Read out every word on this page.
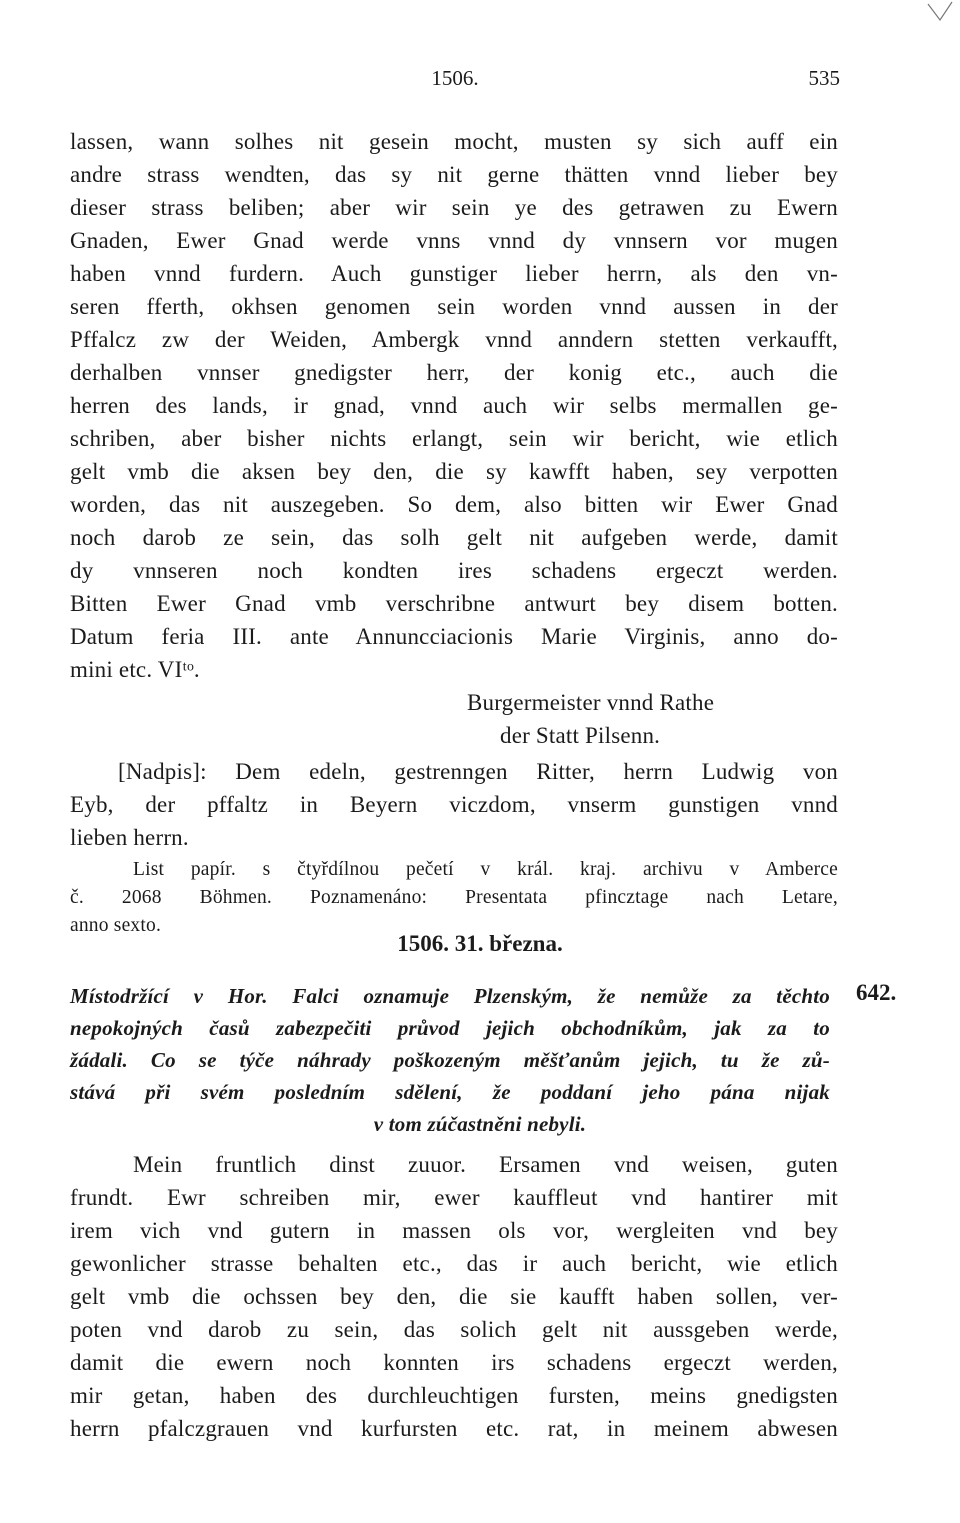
1506.	535
lassen, wann solhes nit gesein mocht, musten sy sich auff ein
andre strass wendten, das sy nit gerne thätten vnnd lieber bey
dieser strass beliben; aber wir sein ye des getrawen zu Ewern
Gnaden, Ewer Gnad werde vnns vnnd dy vnnsern vor mugen
haben vnnd furdern. Auch gunstiger lieber herrn, als den vn-
seren fferth, okhsen genomen sein worden vnnd aussen in der
Pffalcz zw der Weiden, Ambergk vnnd anndern stetten verkaufft,
derhalben vnnser gnedigster herr, der konig etc., auch die
herren des lands, ir gnad, vnnd auch wir selbs mermallen ge-
schriben, aber bisher nichts erlangt, sein wir bericht, wie etlich
gelt vmb die aksen bey den, die sy kawfft haben, sey verpotten
worden, das nit auszegeben. So dem, also bitten wir Ewer Gnad
noch darob ze sein, das solh gelt nit aufgeben werde, damit
dy vnnseren noch kondten ires schadens ergeczt werden.
Bitten Ewer Gnad vmb verschribne antwurt bey disem botten.
Datum feria III. ante Annuncciacionis Marie Virginis, anno do-
mini etc. VIᵗᵒ.
Burgermeister vnnd Rathe
der Statt Pilsenn.
[Nadpis]: Dem edeln, gestrenngen Ritter, herrn Ludwig von
Eyb, der pffaltz in Beyern viczdom, vnserm gunstigen vnnd
lieben herrn.
List papír. s čtyřdílnou pečetí v král. kraj. archivu v Amberce
č. 2068 Böhmen. Poznamenáno: Presentata pfincztage nach Letare,
anno sexto.
1506. 31. března.
642.
Místodržící v Hor. Falci oznamuje Plzenským, že nemůže za těchto
nepokojných časů zabezpečiti průvod jejich obchodníkům, jak za to
žádali. Co se týče náhrady poškozeným měšťanům jejich, tu že zů-
stává při svém posledním sdělení, že poddaní jeho pána nijak
v tom zúčastněni nebyli.
Mein fruntlich dinst zuuor. Ersamen vnd weisen, guten
frundt. Ewr schreiben mir, ewer kauffleut vnd hantirer mit
irem vich vnd gutern in massen ols vor, wergleiten vnd bey
gewonlicher strasse behalten etc., das ir auch bericht, wie etlich
gelt vmb die ochssen bey den, die sie kaufft haben sollen, ver-
poten vnd darob zu sein, das solich gelt nit aussgeben werde,
damit die ewern noch konnten irs schadens ergeczt werden,
mir getan, haben des durchleuchtigen fursten, meins gnedigsten
herrn pfalczgrauen vnd kurfursten etc. rat, in meinem abwesen
